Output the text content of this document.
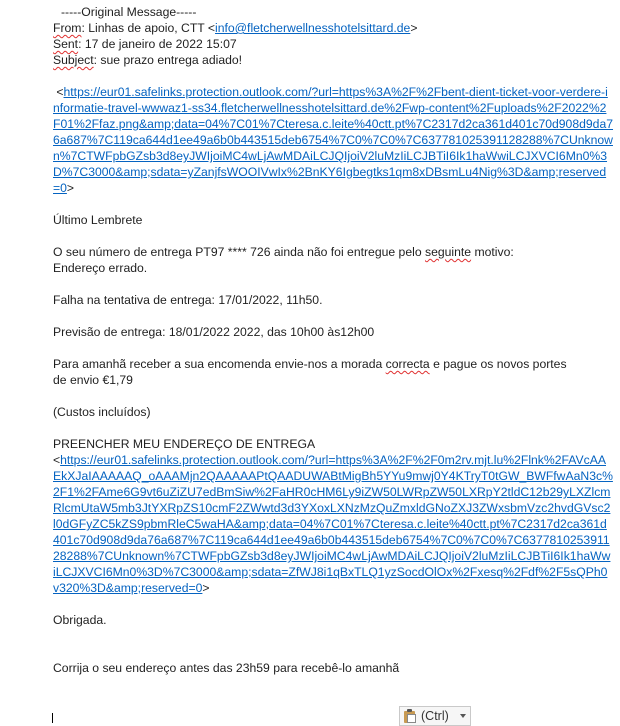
-----Original Message-----
From: Linhas de apoio, CTT <info@fletcherwellnesshotelsittard.de>
Sent: 17 de janeiro de 2022 15:07
Subject: sue prazo entrega adiado!
<https://eur01.safelinks.protection.outlook.com/?url=https%3A%2F%2Fbent-dient-ticket-voor-verdere-informatie-travel-wwwaz1-ss34.fletcherwellnesshotelsittard.de%2Fwp-content%2Fuploads%2F2022%2F01%2Ffaz.png&amp;data=04%7C01%7Cteresa.c.leite%40ctt.pt%7C2317d2ca361d401c70d908d9da76a687%7C119ca644d1ee49a6b0b443515deb6754%7C0%7C0%7C637781025391128288%7CUnknown%7CTWFpbGZsb3d8eyJWIjoiMC4wLjAwMDAiLCJQIjoiV2luMzIiLCJBTiI6Ik1haWwiLCJXVCI6Mn0%3D%7C3000&amp;sdata=yZanjfsWOOIVwIx%2BnKY6Igbegtks1qm8xDBsmLu4Nig%3D&amp;reserved=0>
Último Lembrete
O seu número de entrega PT97 **** 726 ainda não foi entregue pelo seguinte motivo:
Endereço errado.
Falha na tentativa de entrega: 17/01/2022, 11h50.
Previsão de entrega: 18/01/2022 2022, das 10h00 às12h00
Para amanhã receber a sua encomenda envie-nos a morada correcta e pague os novos portes
de envio €1,79
(Custos incluídos)
PREENCHER MEU ENDEREÇO DE ENTREGA
<https://eur01.safelinks.protection.outlook.com/?url=https%3A%2F%2F0m2rv.mjt.lu%2Flnk%2FAVcAAEkXJaIAAAAAQ_oAAAMjn2QAAAAAPtQAADUWABtMigBh5YYu9mwj0Y4KTryT0tGW_BWFfwAaN3c%2F1%2FAme6G9vt6uZiZU7edBmSiw%2FaHR0cHM6Ly9iZW50LWRpZW50LXRpY2tldC12b29yLXZlcmRlcmUtaW5mb3JtYXRpZS10cmF2ZWwtd3d3YXoxLXNzMzQuZmxldGNoZXJ3ZWxsbmVzc2hvdGVsc2l0dGFyZC5kZS9pbmRleC5waHA&amp;data=04%7C01%7Cteresa.c.leite%40ctt.pt%7C2317d2ca361d401c70d908d9da76a687%7C119ca644d1ee49a6b0b443515deb6754%7C0%7C0%7C637781025391128288%7CUnknown%7CTWFpbGZsb3d8eyJWIjoiMC4wLjAwMDAiLCJQIjoiV2luMzIiLCJBTiI6Ik1haWwiLCJXVCI6Mn0%3D%7C3000&amp;sdata=ZfWJ8i1qBxTLQ1yzSocdOlOx%2Fxesq%2Fdf%2F5sQPh0v320%3D&amp;reserved=0>
Obrigada.
Corrija o seu endereço antes das 23h59 para recebê-lo amanhã
(Ctrl)
